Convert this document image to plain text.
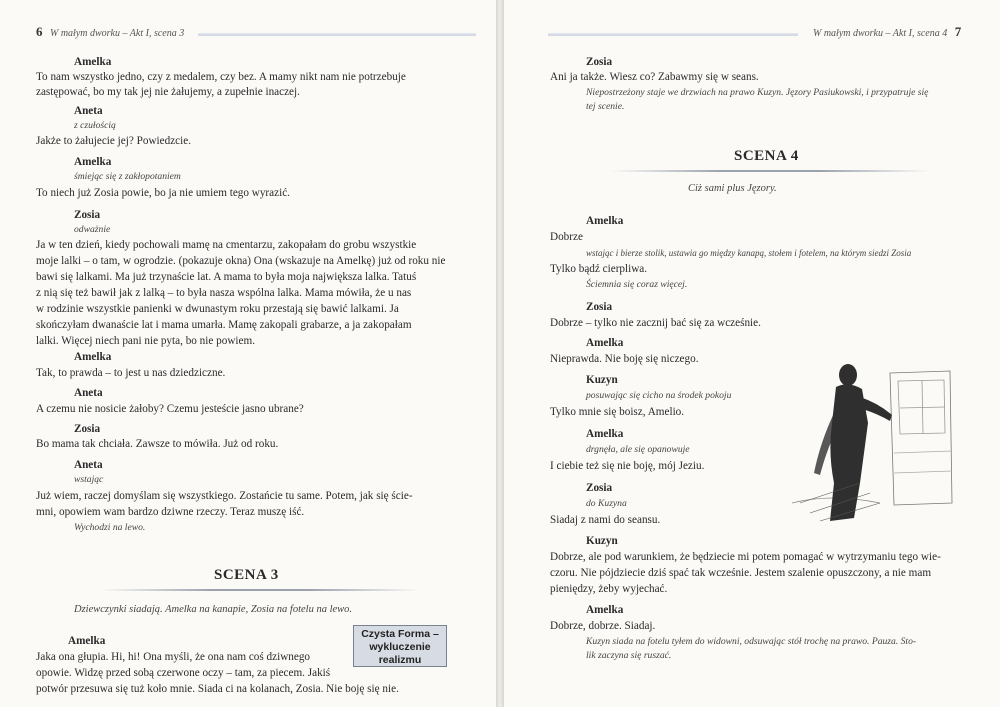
6 W małym dworku – Akt I, scena 3
Amelka
To nam wszystko jedno, czy z medalem, czy bez. A mamy nikt nam nie potrzebuje
zastępować, bo my tak jej nie żałujemy, a zupełnie inaczej.
Aneta
z czułością
Jakże to żałujecie jej? Powiedzcie.
Amelka
śmiejąc się z zakłopotaniem
To niech już Zosia powie, bo ja nie umiem tego wyrazić.
Zosia
odważnie
Ja w ten dzień, kiedy pochowali mamę na cmentarzu, zakopałam do grobu wszystkie
moje lalki – o tam, w ogrodzie. (pokazuje okna) Ona (wskazuje na Amelkę) już od roku nie
bawi się lalkami. Ma już trzynaście lat. A mama to była moja największa lalka. Tatuś
z nią się też bawił jak z lalką – to była nasza wspólna lalka. Mama mówiła, że u nas
w rodzinie wszystkie panienki w dwunastym roku przestają się bawić lalkami. Ja
skończyłam dwanaście lat i mama umarła. Mamę zakopali grabarze, a ja zakopałam
lalki. Więcej niech pani nie pyta, bo nie powiem.
Amelka
Tak, to prawda – to jest u nas dziedziczne.
Aneta
A czemu nie nosicie żałoby? Czemu jesteście jasno ubrane?
Zosia
Bo mama tak chciała. Zawsze to mówiła. Już od roku.
Aneta
wstając
Już wiem, raczej domyślam się wszystkiego. Zostańcie tu same. Potem, jak się ście-
mni, opowiem wam bardzo dziwne rzeczy. Teraz muszę iść.
Wychodzi na lewo.
SCENA 3
Dziewczynki siadają. Amelka na kanapie, Zosia na fotelu na lewo.
Amelka
Jaka ona głupia. Hi, hi! Ona myśli, że ona nam coś dziwnego
opowie. Widzę przed sobą czerwone oczy – tam, za piecem. Jakiś
potwór przesuwa się tuż koło mnie. Siada ci na kolanach, Zosia. Nie boję się nie.
Czysta Forma –
wykluczenie
realizmu
W małym dworku – Akt I, scena 4 7
Zosia
Ani ja także. Wiesz co? Zabawmy się w seans.
Niepostrzeżony staje we drzwiach na prawo Kuzyn. Jęzory Pasiukowski, i przypatruje się
tej scenie.
SCENA 4
Ciż sami plus Jęzory.
Amelka
Dobrze
wstając i bierze stolik, ustawia go między kanapą, stołem i fotelem, na którym siedzi Zosia
Tylko bądź cierpliwa.
Ściemnia się coraz więcej.
Zosia
Dobrze – tylko nie zacznij bać się za wcześnie.
Amelka
Nieprawda. Nie boję się niczego.
Kuzyn
posuwając się cicho na środek pokoju
Tylko mnie się boisz, Amelio.
Amelka
drgnęła, ale się opanowuje
I ciebie też się nie boję, mój Jeziu.
Zosia
do Kuzyna
Siadaj z nami do seansu.
Kuzyn
Dobrze, ale pod warunkiem, że będziecie mi potem pomagać w wytrzymaniu tego wie-
czoru. Nie pójdziecie dziś spać tak wcześnie. Jestem szalenie opuszczony, a nie mam
pieniędzy, żeby wyjechać.
Amelka
Dobrze, dobrze. Siadaj.
Kuzyn siada na fotelu tyłem do widowni, odsuwając stół trochę na prawo. Pauza. Sto-
lik zaczyna się ruszać.
